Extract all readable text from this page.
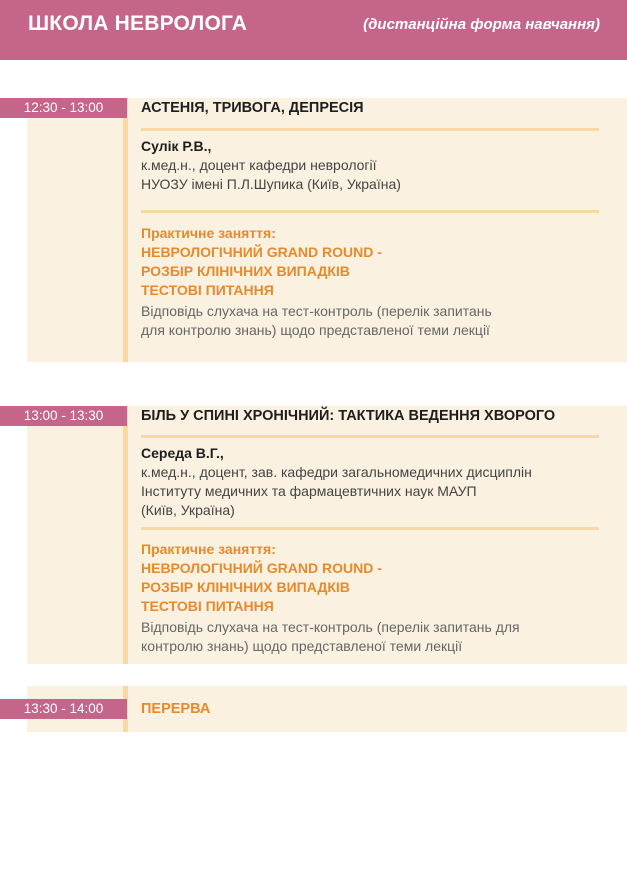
ШКОЛА НЕВРОЛОГА	(дистанційна форма навчання)
12:30 - 13:00	АСТЕНІЯ, ТРИВОГА, ДЕПРЕСІЯ
Сулік Р.В.,
к.мед.н., доцент кафедри неврології
НУОЗУ імені П.Л.Шупика (Київ, Україна)
Практичне заняття:
НЕВРОЛОГІЧНИЙ GRAND ROUND -
РОЗБІР КЛІНІЧНИХ ВИПАДКІВ
ТЕСТОВІ ПИТАННЯ
Відповідь слухача на тест-контроль (перелік запитань
для контролю знань) щодо представленої теми лекції
13:00 - 13:30	БІЛЬ У СПИНІ ХРОНІЧНИЙ: ТАКТИКА ВЕДЕННЯ ХВОРОГО
Середа В.Г.,
к.мед.н., доцент, зав. кафедри загальномедичних дисциплін
Інституту медичних та фармацевтичних наук МАУП
(Київ, Україна)
Практичне заняття:
НЕВРОЛОГІЧНИЙ GRAND ROUND -
РОЗБІР КЛІНІЧНИХ ВИПАДКІВ
ТЕСТОВІ ПИТАННЯ
Відповідь слухача на тест-контроль (перелік запитань для
контролю знань) щодо представленої теми лекції
13:30 - 14:00	ПЕРЕРВА
